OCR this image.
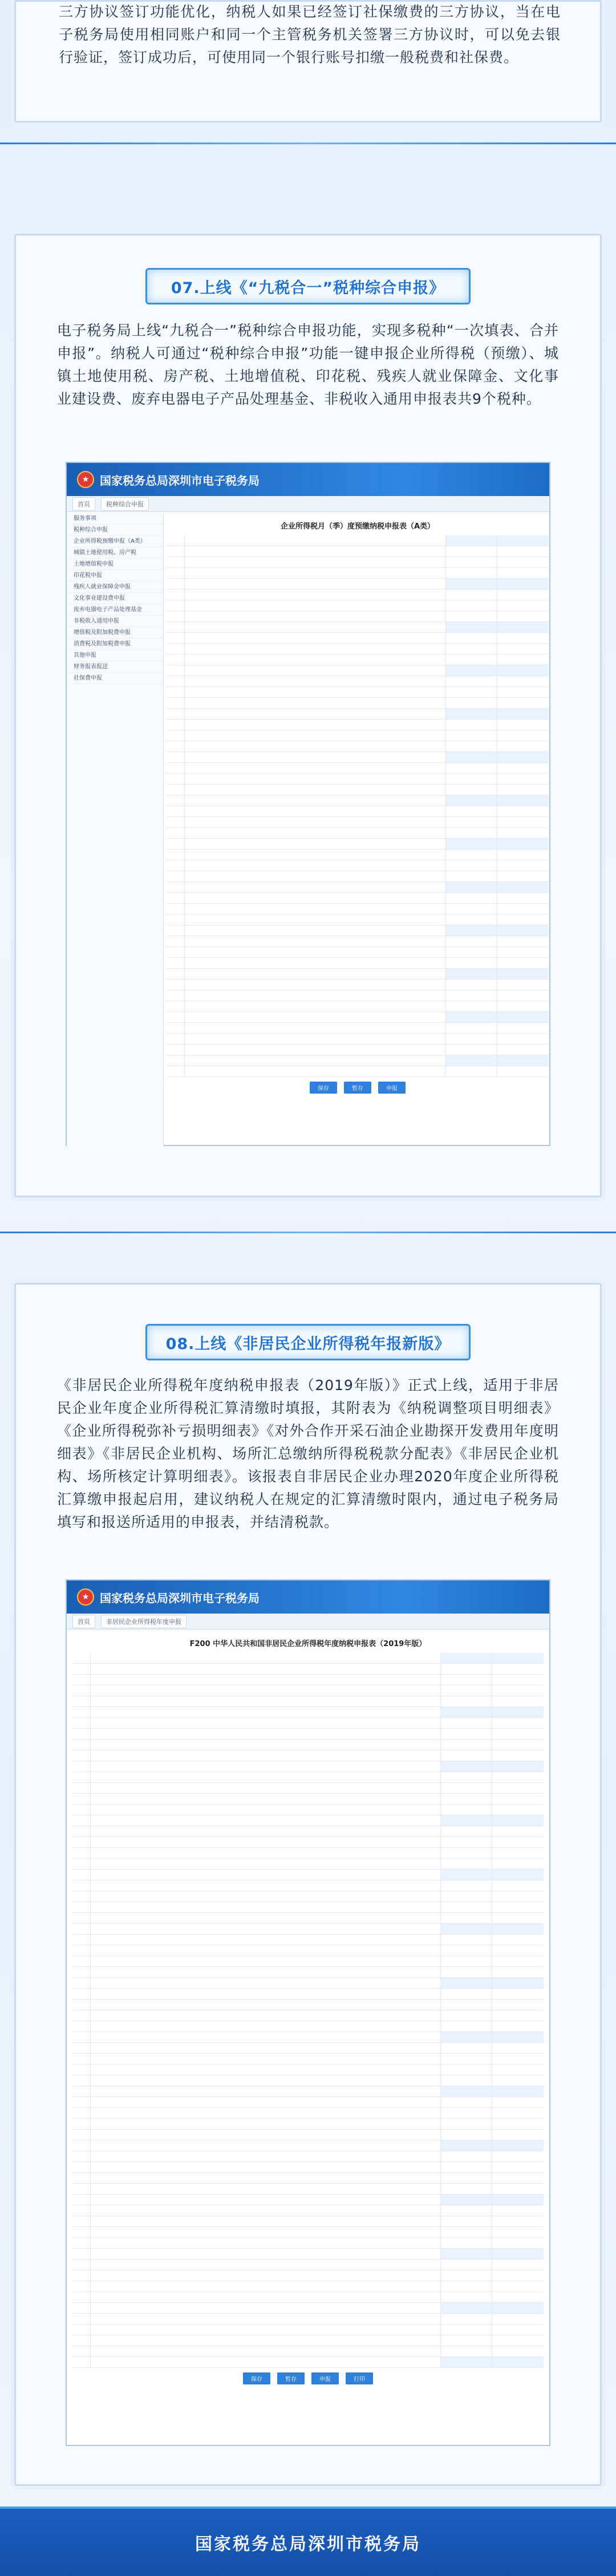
三方协议签订功能优化，纳税人如果已经签订社保缴费的三方协议，当在电子税务局使用相同账户和同一个主管税务机关签署三方协议时，可以免去银行验证，签订成功后，可使用同一个银行账号扣缴一般税费和社保费。
07.上线《“九税合一”税种综合申报》
电子税务局上线“九税合一”税种综合申报功能，实现多税种“一次填表、合并申报”。纳税人可通过“税种综合申报”功能一键申报企业所得税（预缴）、城镇土地使用税、房产税、土地增值税、印花税、残疾人就业保障金、文化事业建设费、废弃电器电子产品处理基金、非税收入通用申报表共9个税种。
★ 国家税务总局深圳市电子税务局
首页	税种综合申报
服务事项
税种综合申报
企业所得税预缴申报（A类）
城镇土地使用税、房产税
土地增值税申报
印花税申报
残疾人就业保障金申报
文化事业建设费申报
废弃电器电子产品处理基金
非税收入通用申报
增值税及附加税费申报
消费税及附加税费申报
其他申报
财务报表报送
社保费申报
企业所得税月（季）度预缴纳税申报表（A类）
保存	暂存	申报
08.上线《非居民企业所得税年报新版》
《非居民企业所得税年度纳税申报表（2019年版）》正式上线，适用于非居民企业年度企业所得税汇算清缴时填报，其附表为《纳税调整项目明细表》《企业所得税弥补亏损明细表》《对外合作开采石油企业勘探开发费用年度明细表》《非居民企业机构、场所汇总缴纳所得税税款分配表》《非居民企业机构、场所核定计算明细表》。该报表自非居民企业办理2020年度企业所得税汇算缴申报起启用，建议纳税人在规定的汇算清缴时限内，通过电子税务局填写和报送所适用的申报表，并结清税款。
★ 国家税务总局深圳市电子税务局
首页	非居民企业所得税年度申报
F200 中华人民共和国非居民企业所得税年度纳税申报表（2019年版）
保存	暂存	申报	打印
国家税务总局深圳市税务局
